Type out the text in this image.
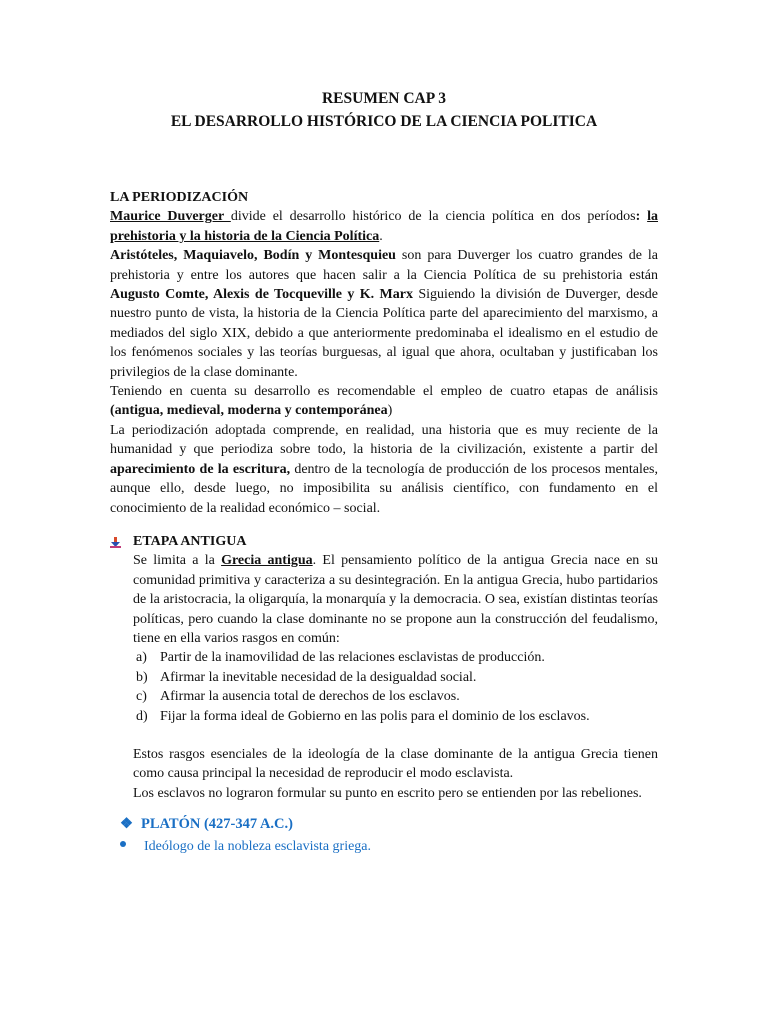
RESUMEN CAP 3
EL DESARROLLO HISTÓRICO DE LA CIENCIA POLITICA
LA PERIODIZACIÓN

Maurice Duverger divide el desarrollo histórico de la ciencia política en dos períodos: la prehistoria y la historia de la Ciencia Política.

Aristóteles, Maquiavelo, Bodín y Montesquieu son para Duverger los cuatro grandes de la prehistoria y entre los autores que hacen salir a la Ciencia Política de su prehistoria están Augusto Comte, Alexis de Tocqueville y K. Marx Siguiendo la división de Duverger, desde nuestro punto de vista, la historia de la Ciencia Política parte del aparecimiento del marxismo, a mediados del siglo XIX, debido a que anteriormente predominaba el idealismo en el estudio de los fenómenos sociales y las teorías burguesas, al igual que ahora, ocultaban y justificaban los privilegios de la clase dominante.

Teniendo en cuenta su desarrollo es recomendable el empleo de cuatro etapas de análisis (antigua, medieval, moderna y contemporánea)

La periodización adoptada comprende, en realidad, una historia que es muy reciente de la humanidad y que periodiza sobre todo, la historia de la civilización, existente a partir del aparecimiento de la escritura, dentro de la tecnología de producción de los procesos mentales, aunque ello, desde luego, no imposibilita su análisis científico, con fundamento en el conocimiento de la realidad económico – social.

ETAPA ANTIGUA

Se limita a la Grecia antigua. El pensamiento político de la antigua Grecia nace en su comunidad primitiva y caracteriza a su desintegración. En la antigua Grecia, hubo partidarios de la aristocracia, la oligarquía, la monarquía y la democracia. O sea, existían distintas teorías políticas, pero cuando la clase dominante no se propone aun la construcción del feudalismo, tiene en ella varios rasgos en común:

a) Partir de la inamovilidad de las relaciones esclavistas de producción.
b) Afirmar la inevitable necesidad de la desigualdad social.
c) Afirmar la ausencia total de derechos de los esclavos.
d) Fijar la forma ideal de Gobierno en las polis para el dominio de los esclavos.

Estos rasgos esenciales de la ideología de la clase dominante de la antigua Grecia tienen como causa principal la necesidad de reproducir el modo esclavista.

Los esclavos no lograron formular su punto en escrito pero se entienden por las rebeliones.

❖ PLATÓN (427-347 A.C.)
Ideólogo de la nobleza esclavista griega.
